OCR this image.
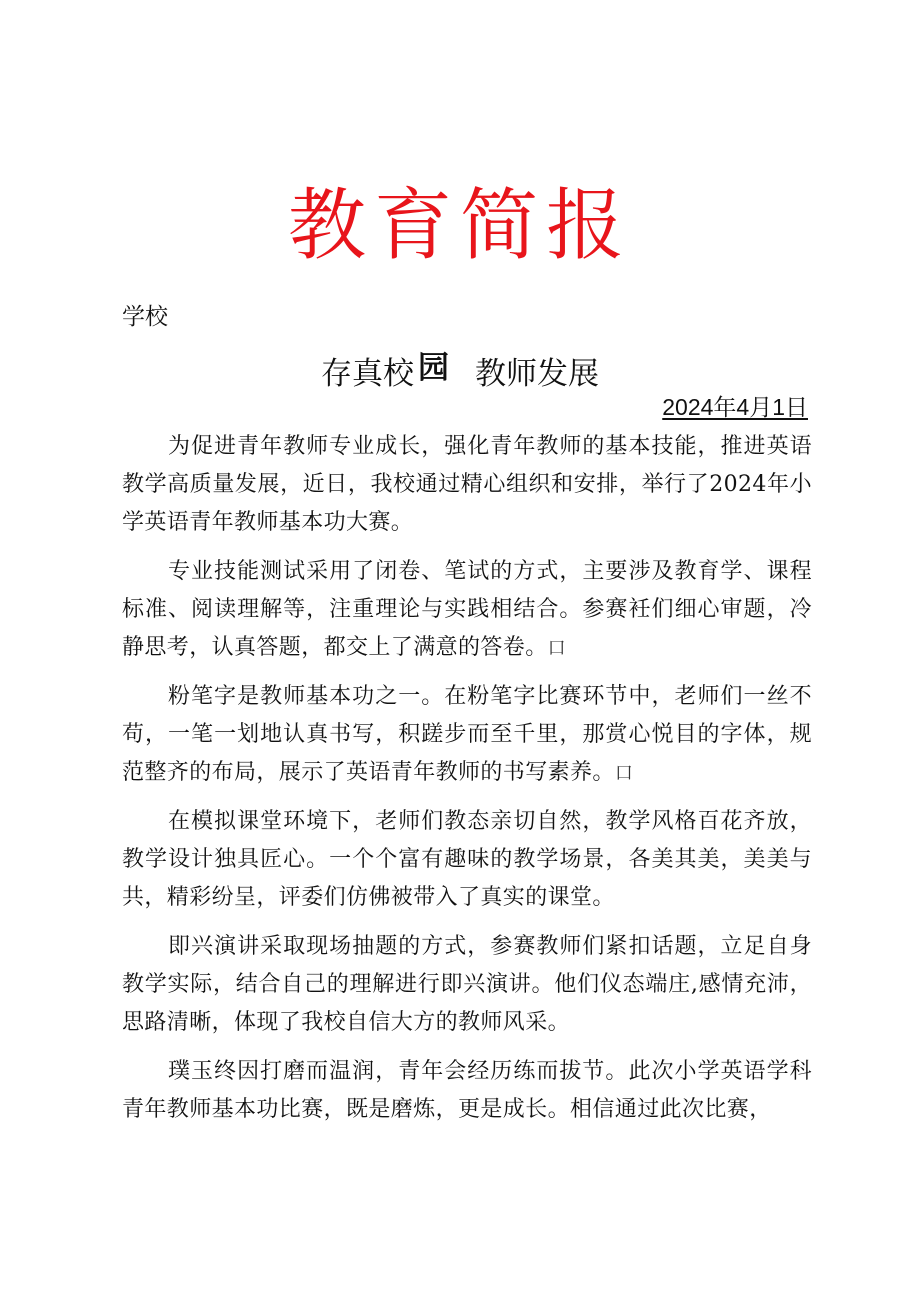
教育简报
学校
存真校 园 教师发展
2024年4月1日

为促进青年教师专业成长，强化青年教师的基本技能，推进英语教学高质量发展，近日，我校通过精心组织和安排，举行了2024年小学英语青年教师基本功大赛。

专业技能测试采用了闭卷、笔试的方式，主要涉及教育学、课程标准、阅读理解等，注重理论与实践相结合。参赛衽们细心审题，冷静思考，认真答题，都交上了满意的答卷。口

粉笔字是教师基本功之一。在粉笔字比赛环节中，老师们一丝不苟，一笔一划地认真书写，积蹉步而至千里，那赏心悦目的字体，规范整齐的布局，展示了英语青年教师的书写素养。口

在模拟课堂环境下，老师们教态亲切自然，教学风格百花齐放，教学设计独具匠心。一个个富有趣味的教学场景，各美其美，美美与共，精彩纷呈，评委们仿佛被带入了真实的课堂。

即兴演讲采取现场抽题的方式，参赛教师们紧扣话题，立足自身教学实际，结合自己的理解进行即兴演讲。他们仪态端庄,感情充沛，思路清晰，体现了我校自信大方的教师风采。

璞玉终因打磨而温润，青年会经历练而拔节。此次小学英语学科青年教师基本功比赛，既是磨炼，更是成长。相信通过此次比赛，
